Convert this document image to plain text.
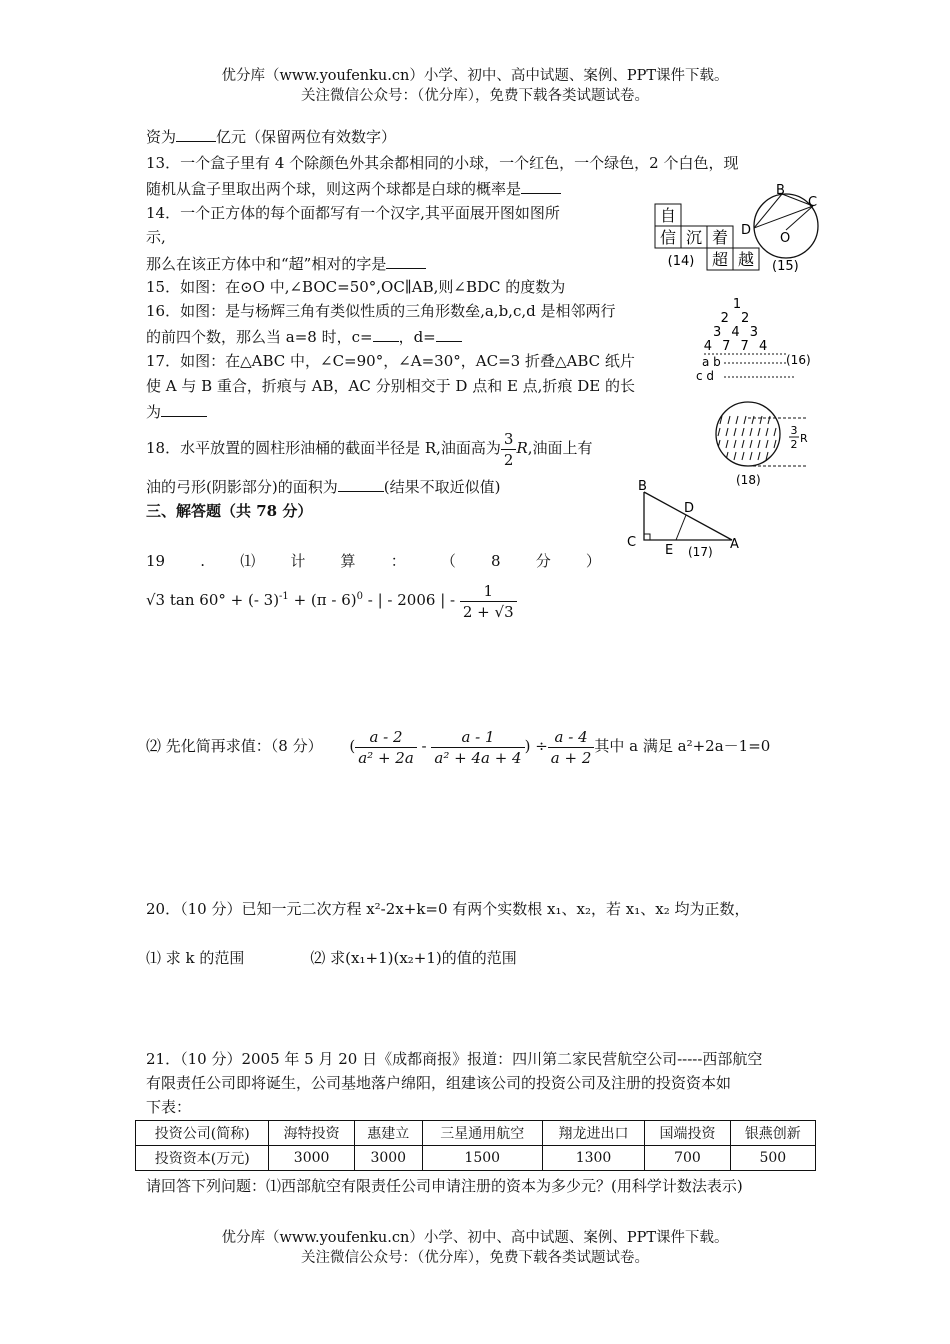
优分库（www.youfenku.cn）小学、初中、高中试题、案例、PPT课件下载。
关注微信公众号：（优分库），免费下载各类试题试卷。
资为	亿元（保留两位有效数字）
13．一个盒子里有 4 个除颜色外其余都相同的小球，一个红色，一个绿色，2 个白色，现
随机从盒子里取出两个球，则这两个球都是白球的概率是
14．一个正方体的每个面都写有一个汉字,其平面展开图如图所
示,
那么在该正方体中和“超”相对的字是
15．如图：在⊙O 中,∠BOC=50°,OC∥AB,则∠BDC 的度数为
16．如图：是与杨辉三角有类似性质的三角形数垒,a,b,c,d 是相邻两行
的前四个数，那么当 a=8 时，c= ，d=
17．如图：在△ABC 中，∠C=90°，∠A=30°，AC=3 折叠△ABC 纸片
使 A 与 B 重合，折痕与 AB，AC 分别相交于 D 点和 E 点,折痕 DE 的长
为
18．水平放置的圆柱形油桶的截面半径是 R,油面高为 $\frac{3}{2} R$,油面上有
油的弓形(阴影部分)的面积为	(结果不取近似值)
三、解答题（共 78 分）
19 . ⑴ 计 算 ： （ 8 分 ）
√3 tan 60° + (- 3)$^{-1}$ + (π - 6)$^0$ - | - 2006 | - $\frac{1}{2 + √3}$
⑵ 先化简再求值：（8 分） ( $\frac{a - 2}{\text{a² + 2a}} - \frac{a - 1}{\text{a² + 4a + 4}}$ ) ÷ $\frac{a - 4}{a + 2}$ 其中 a 满足 a²+2a－1=0
20．（10 分）已知一元二次方程 x²-2x+k=0 有两个实数根 x₁、x₂，若 x₁、x₂ 均为正数，
⑴ 求 k 的范围	⑵ 求(x₁+1)(x₂+1)的值的范围
21．（10 分）2005 年 5 月 20 日《成都商报》报道：四川第二家民营航空公司-----西部航空
有限责任公司即将诞生，公司基地落户绵阳，组建该公司的投资公司及注册的投资资本如
下表：
投资公司(简称)	海特投资	惠建立	三星通用航空	翔龙进出口	国端投资	银燕创新
投资资本(万元)	3000	3000	1500	1300	700	500
请回答下列问题：⑴西部航空有限责任公司申请注册的资本为多少元？(用科学计数法表示)
优分库（www.youfenku.cn）小学、初中、高中试题、案例、PPT课件下载。
关注微信公众号：（优分库），免费下载各类试题试卷。
自
信 沉 着
超 越
(14)
B
C
D
O
(15)
1
2 2
3 4 3
4 7 7 4
a b
c d
(16)
3
2 R
(18)
B
D
C
E	A
(17)
